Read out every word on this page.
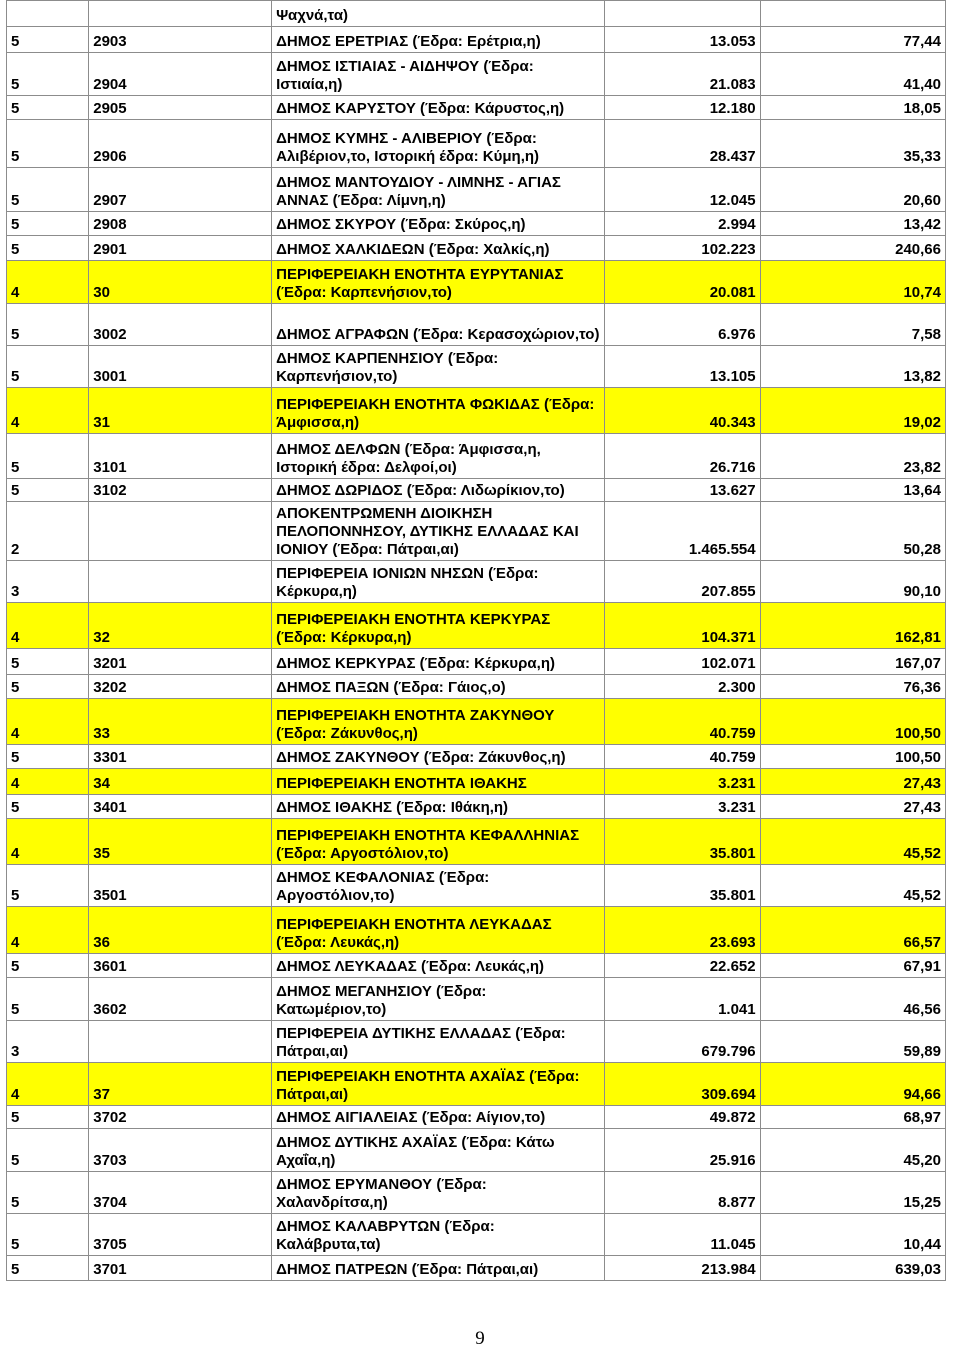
		Ψαχνά,τα)		
5	2903	ΔΗΜΟΣ ΕΡΕΤΡΙΑΣ (Έδρα: Ερέτρια,η)	13.053	77,44
5	2904	ΔΗΜΟΣ ΙΣΤΙΑΙΑΣ - ΑΙΔΗΨΟΥ (Έδρα: Ιστιαία,η)	21.083	41,40
5	2905	ΔΗΜΟΣ ΚΑΡΥΣΤΟΥ (Έδρα: Κάρυστος,η)	12.180	18,05
5	2906	ΔΗΜΟΣ ΚΥΜΗΣ - ΑΛΙΒΕΡΙΟΥ (Έδρα: Αλιβέριον,το, Ιστορική έδρα: Κύμη,η)	28.437	35,33
5	2907	ΔΗΜΟΣ ΜΑΝΤΟΥΔΙΟΥ - ΛΙΜΝΗΣ - ΑΓΙΑΣ ΑΝΝΑΣ (Έδρα: Λίμνη,η)	12.045	20,60
5	2908	ΔΗΜΟΣ ΣΚΥΡΟΥ (Έδρα: Σκύρος,η)	2.994	13,42
5	2901	ΔΗΜΟΣ ΧΑΛΚΙΔΕΩΝ (Έδρα: Χαλκίς,η)	102.223	240,66
4	30	ΠΕΡΙΦΕΡΕΙΑΚΗ ΕΝΟΤΗΤΑ ΕΥΡΥΤΑΝΙΑΣ (Έδρα: Καρπενήσιον,το)	20.081	10,74
5	3002	ΔΗΜΟΣ ΑΓΡΑΦΩΝ (Έδρα: Κερασοχώριον,το)	6.976	7,58
5	3001	ΔΗΜΟΣ ΚΑΡΠΕΝΗΣΙΟΥ (Έδρα: Καρπενήσιον,το)	13.105	13,82
4	31	ΠΕΡΙΦΕΡΕΙΑΚΗ ΕΝΟΤΗΤΑ ΦΩΚΙΔΑΣ (Έδρα: Άμφισσα,η)	40.343	19,02
5	3101	ΔΗΜΟΣ ΔΕΛΦΩΝ (Έδρα: Άμφισσα,η, Ιστορική έδρα: Δελφοί,οι)	26.716	23,82
5	3102	ΔΗΜΟΣ ΔΩΡΙΔΟΣ (Έδρα: Λιδωρίκιον,το)	13.627	13,64
2		ΑΠΟΚΕΝΤΡΩΜΕΝΗ ΔΙΟΙΚΗΣΗ ΠΕΛΟΠΟΝΝΗΣΟΥ, ΔΥΤΙΚΗΣ ΕΛΛΑΔΑΣ ΚΑΙ ΙΟΝΙΟΥ (Έδρα: Πάτραι,αι)	1.465.554	50,28
3		ΠΕΡΙΦΕΡΕΙΑ ΙΟΝΙΩΝ ΝΗΣΩΝ (Έδρα: Κέρκυρα,η)	207.855	90,10
4	32	ΠΕΡΙΦΕΡΕΙΑΚΗ ΕΝΟΤΗΤΑ ΚΕΡΚΥΡΑΣ (Έδρα: Κέρκυρα,η)	104.371	162,81
5	3201	ΔΗΜΟΣ ΚΕΡΚΥΡΑΣ (Έδρα: Κέρκυρα,η)	102.071	167,07
5	3202	ΔΗΜΟΣ ΠΑΞΩΝ (Έδρα: Γάιος,ο)	2.300	76,36
4	33	ΠΕΡΙΦΕΡΕΙΑΚΗ ΕΝΟΤΗΤΑ ΖΑΚΥΝΘΟΥ (Έδρα: Ζάκυνθος,η)	40.759	100,50
5	3301	ΔΗΜΟΣ ΖΑΚΥΝΘΟΥ (Έδρα: Ζάκυνθος,η)	40.759	100,50
4	34	ΠΕΡΙΦΕΡΕΙΑΚΗ ΕΝΟΤΗΤΑ ΙΘΑΚΗΣ	3.231	27,43
5	3401	ΔΗΜΟΣ ΙΘΑΚΗΣ (Έδρα: Ιθάκη,η)	3.231	27,43
4	35	ΠΕΡΙΦΕΡΕΙΑΚΗ ΕΝΟΤΗΤΑ ΚΕΦΑΛΛΗΝΙΑΣ (Έδρα: Αργοστόλιον,το)	35.801	45,52
5	3501	ΔΗΜΟΣ ΚΕΦΑΛΟΝΙΑΣ (Έδρα: Αργοστόλιον,το)	35.801	45,52
4	36	ΠΕΡΙΦΕΡΕΙΑΚΗ ΕΝΟΤΗΤΑ ΛΕΥΚΑΔΑΣ (Έδρα: Λευκάς,η)	23.693	66,57
5	3601	ΔΗΜΟΣ ΛΕΥΚΑΔΑΣ (Έδρα: Λευκάς,η)	22.652	67,91
5	3602	ΔΗΜΟΣ ΜΕΓΑΝΗΣΙΟΥ (Έδρα: Κατωμέριον,το)	1.041	46,56
3		ΠΕΡΙΦΕΡΕΙΑ ΔΥΤΙΚΗΣ ΕΛΛΑΔΑΣ (Έδρα: Πάτραι,αι)	679.796	59,89
4	37	ΠΕΡΙΦΕΡΕΙΑΚΗ ΕΝΟΤΗΤΑ ΑΧΑΪΑΣ (Έδρα: Πάτραι,αι)	309.694	94,66
5	3702	ΔΗΜΟΣ ΑΙΓΙΑΛΕΙΑΣ (Έδρα: Αίγιον,το)	49.872	68,97
5	3703	ΔΗΜΟΣ ΔΥΤΙΚΗΣ ΑΧΑΪΑΣ (Έδρα: Κάτω Αχαΐα,η)	25.916	45,20
5	3704	ΔΗΜΟΣ ΕΡΥΜΑΝΘΟΥ (Έδρα: Χαλανδρίτσα,η)	8.877	15,25
5	3705	ΔΗΜΟΣ ΚΑΛΑΒΡΥΤΩΝ (Έδρα: Καλάβρυτα,τα)	11.045	10,44
5	3701	ΔΗΜΟΣ ΠΑΤΡΕΩΝ (Έδρα: Πάτραι,αι)	213.984	639,03
9
